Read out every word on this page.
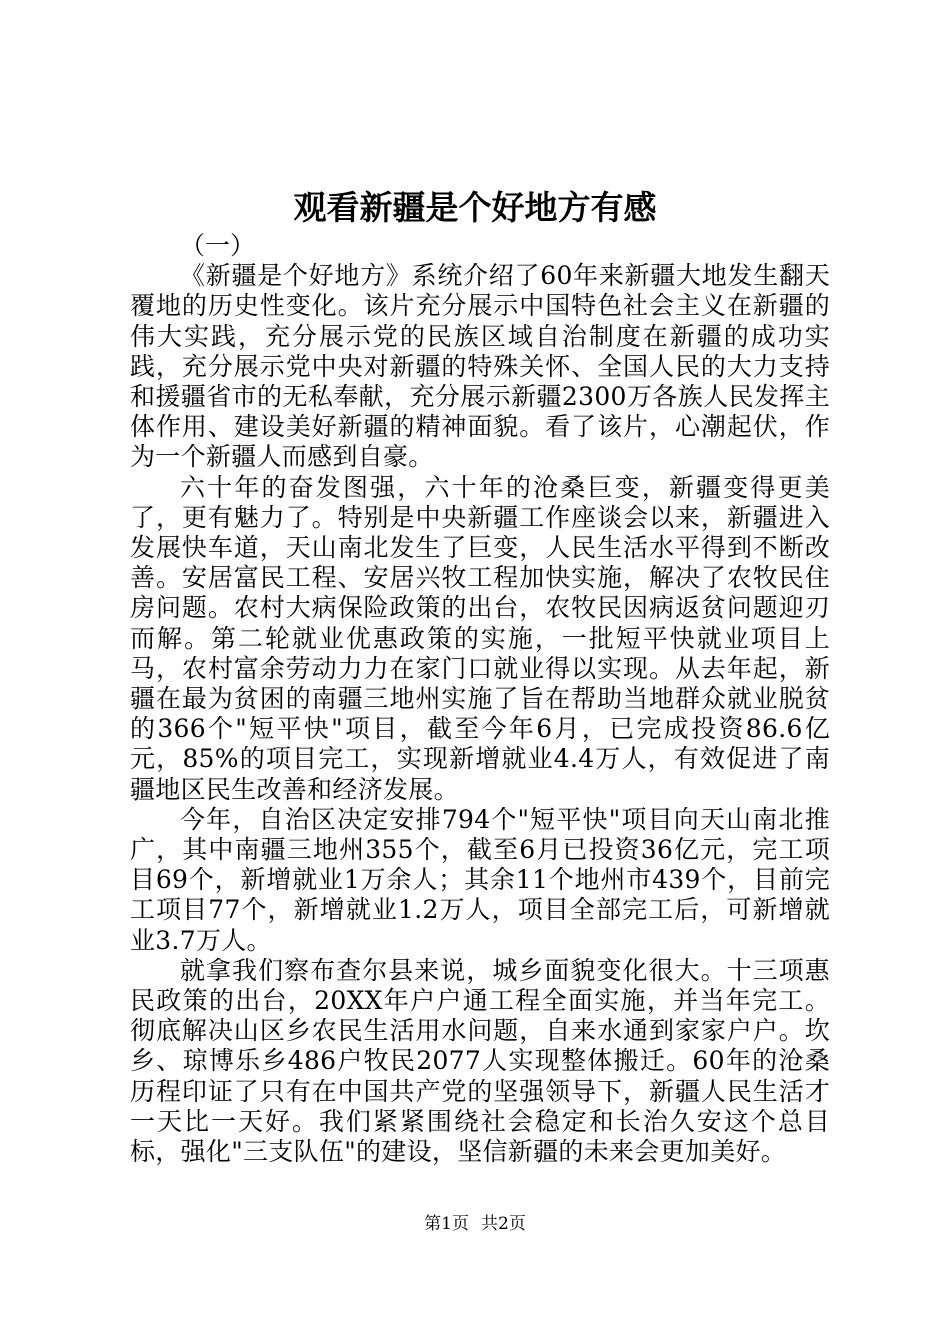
观看新疆是个好地方有感

（一）

《新疆是个好地方》系统介绍了60年来新疆大地发生翻天覆地的历史性变化。该片充分展示中国特色社会主义在新疆的伟大实践，充分展示党的民族区域自治制度在新疆的成功实践，充分展示党中央对新疆的特殊关怀、全国人民的大力支持和援疆省市的无私奉献，充分展示新疆2300万各族人民发挥主体作用、建设美好新疆的精神面貌。看了该片，心潮起伏，作为一个新疆人而感到自豪。

六十年的奋发图强，六十年的沧桑巨变，新疆变得更美了，更有魅力了。特别是中央新疆工作座谈会以来，新疆进入发展快车道，天山南北发生了巨变，人民生活水平得到不断改善。安居富民工程、安居兴牧工程加快实施，解决了农牧民住房问题。农村大病保险政策的出台，农牧民因病返贫问题迎刃而解。第二轮就业优惠政策的实施，一批短平快就业项目上马，农村富余劳动力力在家门口就业得以实现。从去年起，新疆在最为贫困的南疆三地州实施了旨在帮助当地群众就业脱贫的366个"短平快"项目，截至今年6月，已完成投资86.6亿元，85%的项目完工，实现新增就业4.4万人，有效促进了南疆地区民生改善和经济发展。

今年，自治区决定安排794个"短平快"项目向天山南北推广，其中南疆三地州355个，截至6月已投资36亿元，完工项目69个，新增就业1万余人；其余11个地州市439个，目前完工项目77个，新增就业1.2万人，项目全部完工后，可新增就业3.7万人。

就拿我们察布查尔县来说，城乡面貌变化很大。十三项惠民政策的出台，20XX年户户通工程全面实施，并当年完工。彻底解决山区乡农民生活用水问题，自来水通到家家户户。坎乡、琼博乐乡486户牧民2077人实现整体搬迁。60年的沧桑历程印证了只有在中国共产党的坚强领导下，新疆人民生活才一天比一天好。我们紧紧围绕社会稳定和长治久安这个总目标，强化"三支队伍"的建设，坚信新疆的未来会更加美好。

第1页 共2页
